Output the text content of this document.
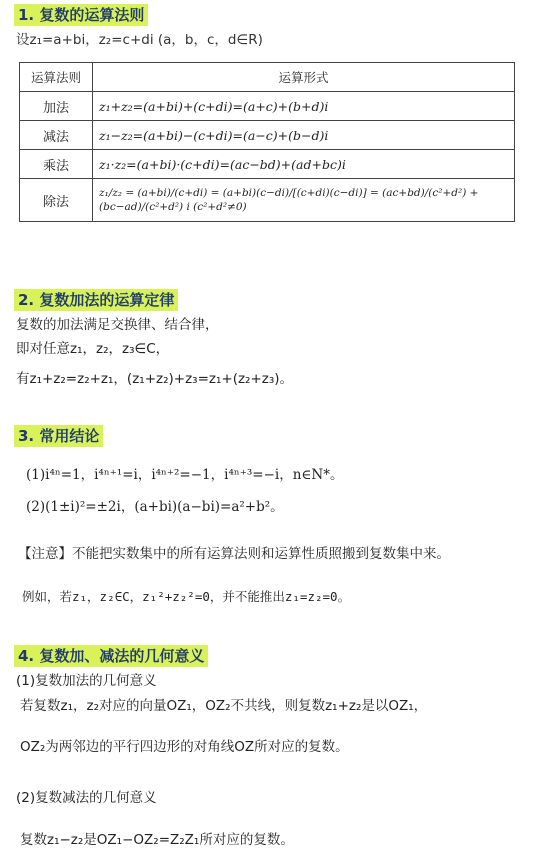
1. 复数的运算法则
设z₁=a+bi，z₂=c+di (a，b，c，d∈R)
运算法则	运算形式
加法	z₁+z₂=(a+bi)+(c+di)=(a+c)+(b+d)i
减法	z₁−z₂=(a+bi)−(c+di)=(a−c)+(b−d)i
乘法	z₁·z₂=(a+bi)·(c+di)=(ac−bd)+(ad+bc)i
除法	z₁/z₂ = (a+bi)/(c+di) = (a+bi)(c−di)/[(c+di)(c−di)] = (ac+bd)/(c²+d²) + (bc−ad)/(c²+d²) i (c²+d²≠0)
2. 复数加法的运算定律
复数的加法满足交换律、结合律，
即对任意z₁，z₂，z₃∈C，
有z₁+z₂=z₂+z₁，(z₁+z₂)+z₃=z₁+(z₂+z₃)。
3. 常用结论
(1)i⁴ⁿ=1，i⁴ⁿ⁺¹=i，i⁴ⁿ⁺²=−1，i⁴ⁿ⁺³=−i，n∈N*。
(2)(1±i)²=±2i，(a+bi)(a−bi)=a²+b²。
【注意】不能把实数集中的所有运算法则和运算性质照搬到复数集中来。
例如，若z₁，z₂∈C，z₁²+z₂²=0，并不能推出z₁=z₂=0。
4. 复数加、减法的几何意义
(1)复数加法的几何意义
若复数z₁，z₂对应的向量OZ₁，OZ₂不共线，则复数z₁+z₂是以OZ₁，
OZ₂为两邻边的平行四边形的对角线OZ所对应的复数。
(2)复数减法的几何意义
复数z₁−z₂是OZ₁−OZ₂=Z₂Z₁所对应的复数。
